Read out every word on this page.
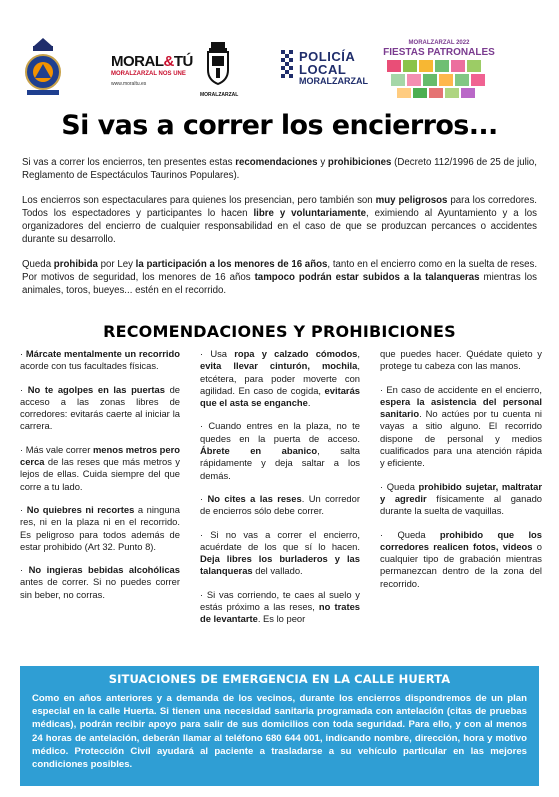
MORAL&TÚ
MORALZARZAL NOS UNE
www.moraltu.es
MORALZARZAL
POLICÍA
LOCAL
MORALZARZAL
MORALZARZAL 2022
FIESTAS PATRONALES
Si vas a correr los encierros...
Si vas a correr los encierros, ten presentes estas recomendaciones y prohibiciones (Decreto 112/1996 de 25 de julio, Reglamento de Espectáculos Taurinos Populares).
Los encierros son espectaculares para quienes los presencian, pero también son muy peligrosos para los corredores. Todos los espectadores y participantes lo hacen libre y voluntariamente, eximiendo al Ayuntamiento y a los organizadores del encierro de cualquier responsabilidad en el caso de que se produzcan percances o accidentes durante su desarrollo.
Queda prohibida por Ley la participación a los menores de 16 años, tanto en el encierro como en la suelta de reses. Por motivos de seguridad, los menores de 16 años tampoco podrán estar subidos a la talanqueras mientras los animales, toros, bueyes... estén en el recorrido.
RECOMENDACIONES Y PROHIBICIONES
· Márcate mentalmente un recorrido acorde con tus facultades físicas.
· No te agolpes en las puertas de acceso a las zonas libres de corredores: evitarás caerte al iniciar la carrera.
· Más vale correr menos metros pero cerca de las reses que más metros y lejos de ellas. Cuida siempre del que corre a tu lado.
· No quiebres ni recortes a ninguna res, ni en la plaza ni en el recorrido. Es peligroso para todos además de estar prohibido (Art 32. Punto 8).
· No ingieras bebidas alcohólicas antes de correr. Si no puedes correr sin beber, no corras.
· Usa ropa y calzado cómodos, evita llevar cinturón, mochila, etcétera, para poder moverte con agilidad. En caso de cogida, evitarás que el asta se enganche.
· Cuando entres en la plaza, no te quedes en la puerta de acceso. Ábrete en abanico, salta rápidamente y deja saltar a los demás.
· No cites a las reses. Un corredor de encierros sólo debe correr.
· Si no vas a correr el encierro, acuérdate de los que sí lo hacen. Deja libres los burladeros y las talanqueras del vallado.
· Si vas corriendo, te caes al suelo y estás próximo a las reses, no trates de levantarte. Es lo peor
que puedes hacer. Quédate quieto y protege tu cabeza con las manos.
· En caso de accidente en el encierro, espera la asistencia del personal sanitario. No actúes por tu cuenta ni vayas a sitio alguno. El recorrido dispone de personal y medios cualificados para una atención rápida y eficiente.
· Queda prohibido sujetar, maltratar y agredir físicamente al ganado durante la suelta de vaquillas.
· Queda prohibido que los corredores realicen fotos, videos o cualquier tipo de grabación mientras permanezcan dentro de la zona del recorrido.
SITUACIONES DE EMERGENCIA EN LA CALLE HUERTA
Como en años anteriores y a demanda de los vecinos, durante los encierros dispondremos de un plan especial en la calle Huerta. Si tienen una necesidad sanitaria programada con antelación (citas de pruebas médicas), podrán recibir apoyo para salir de sus domicilios con toda seguridad. Para ello, y con al menos 24 horas de antelación, deberán llamar al teléfono 680 644 001, indicando nombre, dirección, hora y motivo médico. Protección Civil ayudará al paciente a trasladarse a su vehículo particular en las mejores condiciones posibles.
